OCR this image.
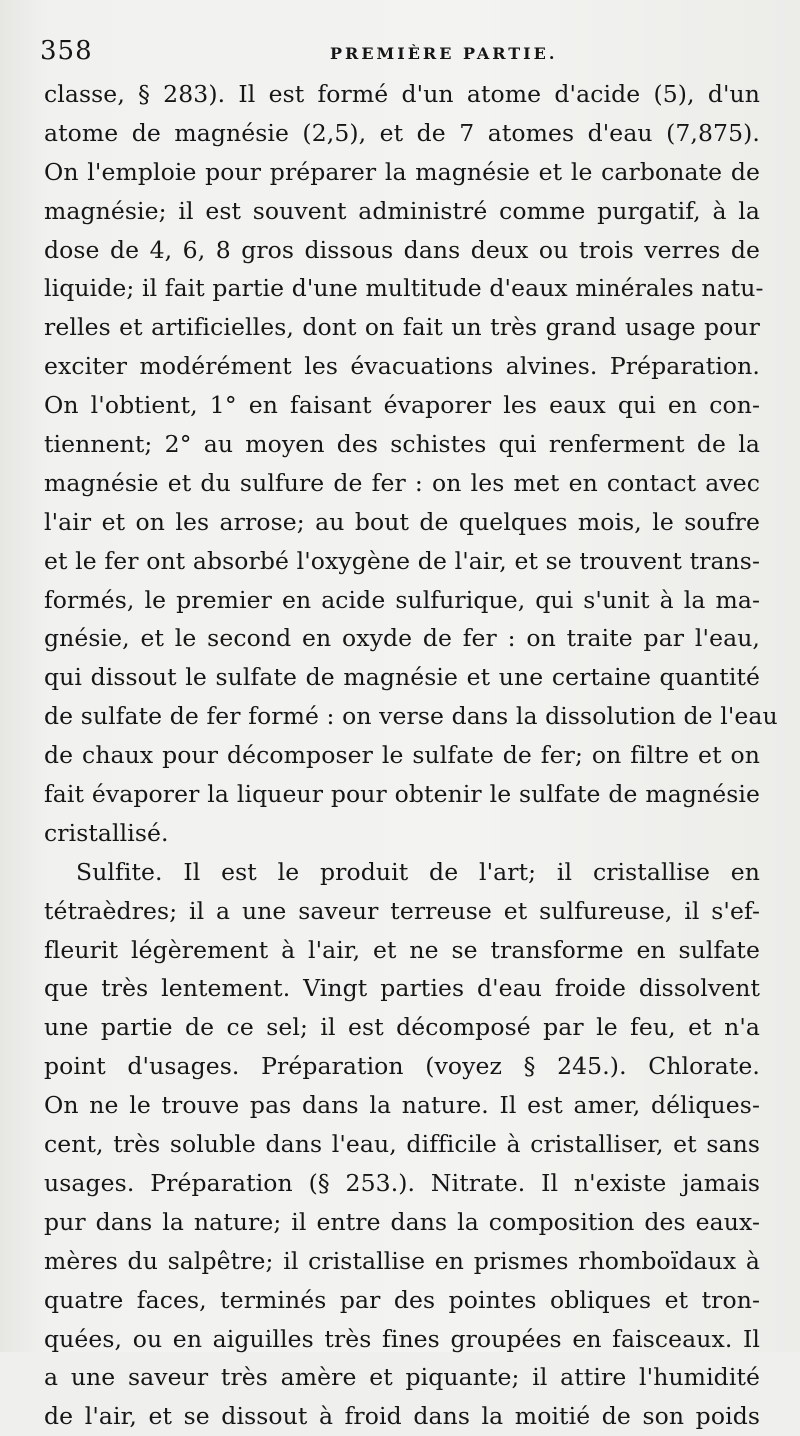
358	PREMIÈRE PARTIE.
classe, § 283). Il est formé d'un atome d'acide (5), d'un
atome de magnésie (2,5), et de 7 atomes d'eau (7,875).
On l'emploie pour préparer la magnésie et le carbonate de
magnésie; il est souvent administré comme purgatif, à la
dose de 4, 6, 8 gros dissous dans deux ou trois verres de
liquide; il fait partie d'une multitude d'eaux minérales natu-
relles et artificielles, dont on fait un très grand usage pour
exciter modérément les évacuations alvines. Préparation.
On l'obtient, 1° en faisant évaporer les eaux qui en con-
tiennent; 2° au moyen des schistes qui renferment de la
magnésie et du sulfure de fer : on les met en contact avec
l'air et on les arrose; au bout de quelques mois, le soufre
et le fer ont absorbé l'oxygène de l'air, et se trouvent trans-
formés, le premier en acide sulfurique, qui s'unit à la ma-
gnésie, et le second en oxyde de fer : on traite par l'eau,
qui dissout le sulfate de magnésie et une certaine quantité
de sulfate de fer formé : on verse dans la dissolution de l'eau
de chaux pour décomposer le sulfate de fer; on filtre et on
fait évaporer la liqueur pour obtenir le sulfate de magnésie
cristallisé.
Sulfite. Il est le produit de l'art; il cristallise en
tétraèdres; il a une saveur terreuse et sulfureuse, il s'ef-
fleurit légèrement à l'air, et ne se transforme en sulfate
que très lentement. Vingt parties d'eau froide dissolvent
une partie de ce sel; il est décomposé par le feu, et n'a
point d'usages. Préparation (voyez § 245.). Chlorate.
On ne le trouve pas dans la nature. Il est amer, déliques-
cent, très soluble dans l'eau, difficile à cristalliser, et sans
usages. Préparation (§ 253.). Nitrate. Il n'existe jamais
pur dans la nature; il entre dans la composition des eaux-
mères du salpêtre; il cristallise en prismes rhomboïdaux à
quatre faces, terminés par des pointes obliques et tron-
quées, ou en aiguilles très fines groupées en faisceaux. Il
a une saveur très amère et piquante; il attire l'humidité
de l'air, et se dissout à froid dans la moitié de son poids
